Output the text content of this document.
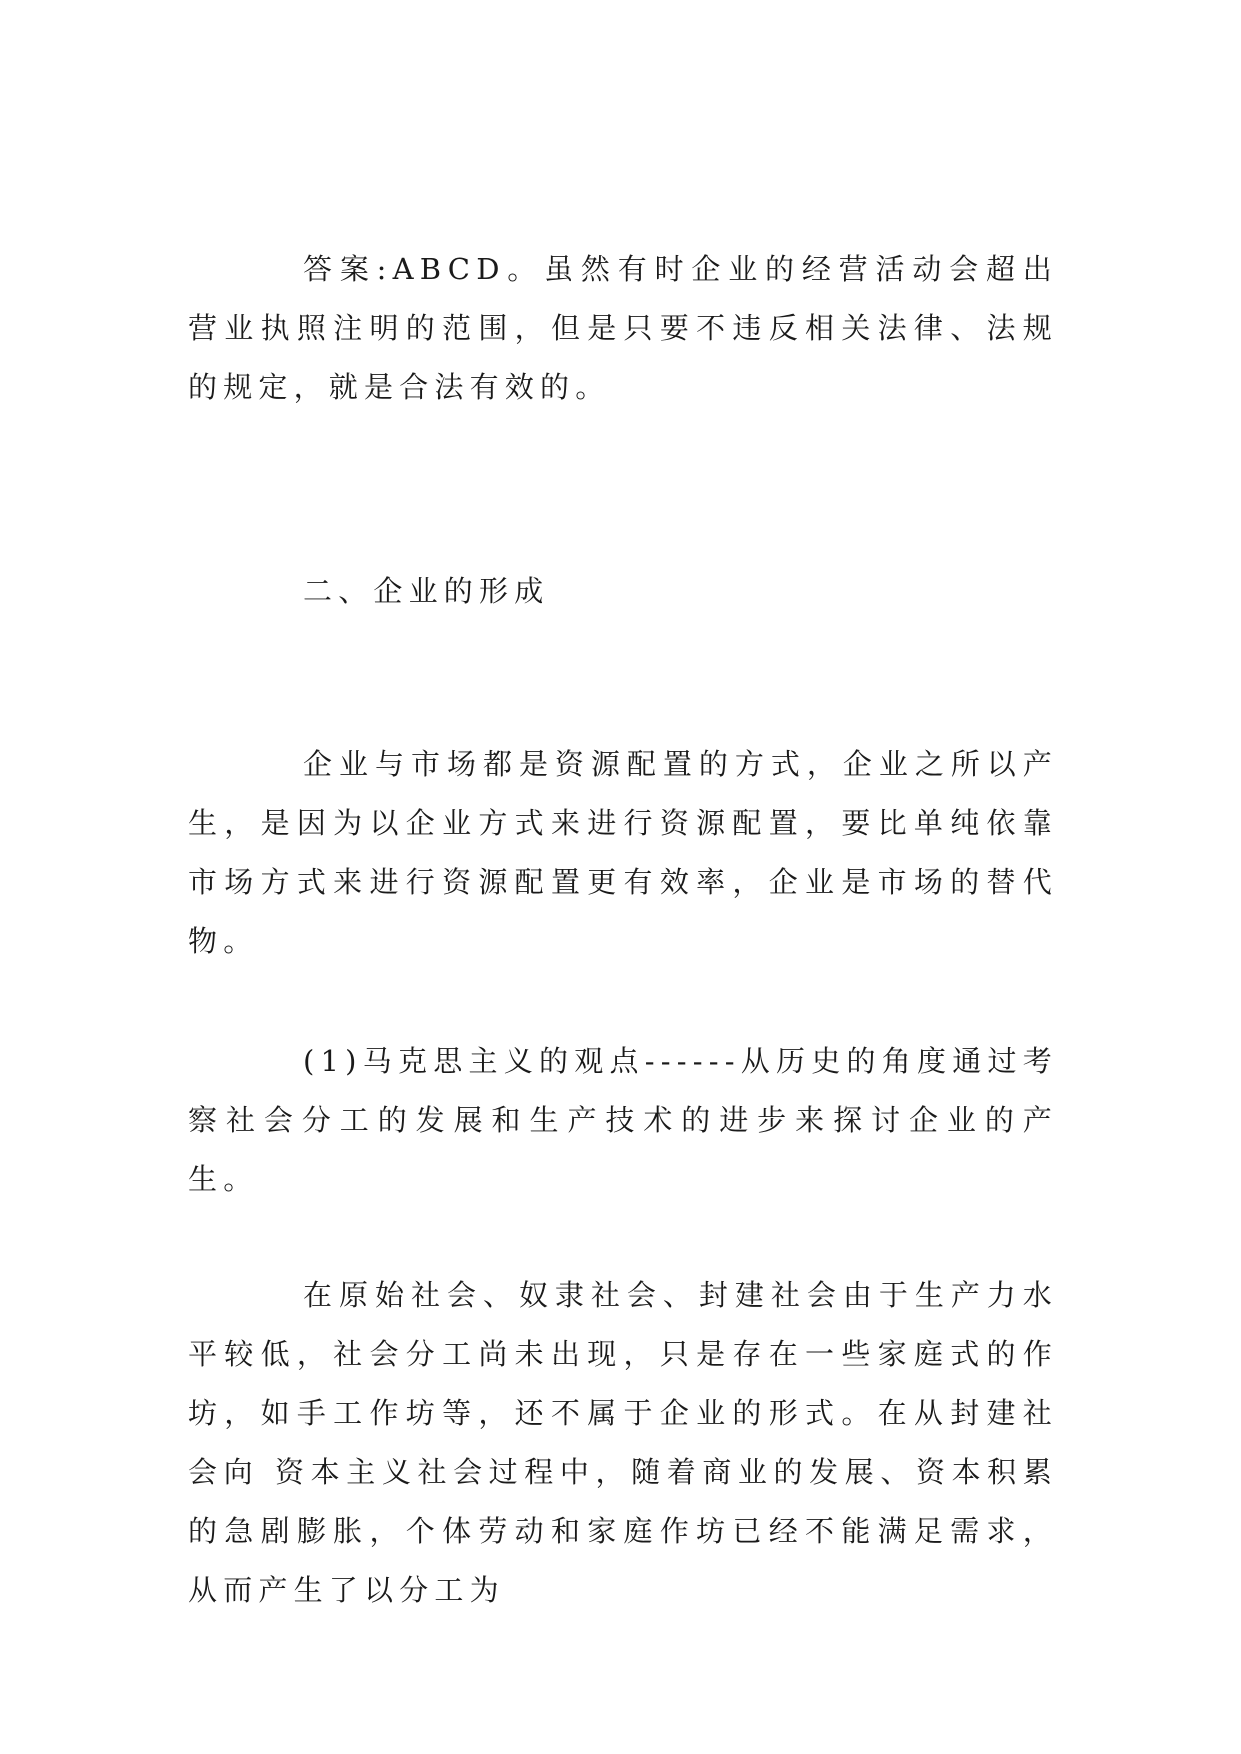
答案:ABCD。虽然有时企业的经营活动会超出营业执照注明的范围，但是只要不违反相关法律、法规的规定，就是合法有效的。

二、企业的形成

企业与市场都是资源配置的方式，企业之所以产生，是因为以企业方式来进行资源配置，要比单纯依靠市场方式来进行资源配置更有效率，企业是市场的替代物。

(1)马克思主义的观点------从历史的角度通过考察社会分工的发展和生产技术的进步来探讨企业的产生。

在原始社会、奴隶社会、封建社会由于生产力水平较低，社会分工尚未出现，只是存在一些家庭式的作坊，如手工作坊等，还不属于企业的形式。在从封建社会向 资本主义社会过程中，随着商业的发展、资本积累的急剧膨胀，个体劳动和家庭作坊已经不能满足需求，从而产生了以分工为
